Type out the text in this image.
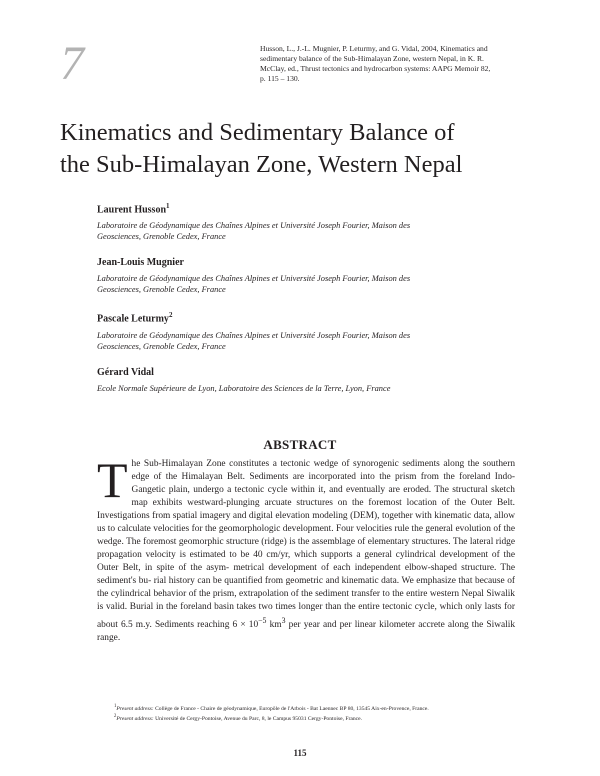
7	Husson, L., J.-L. Mugnier, P. Leturmy, and G. Vidal, 2004, Kinematics and
sedimentary balance of the Sub-Himalayan Zone, western Nepal, in K. R.
McClay, ed., Thrust tectonics and hydrocarbon systems: AAPG Memoir 82,
p. 115 – 130.
Kinematics and Sedimentary Balance of
the Sub-Himalayan Zone, Western Nepal
Laurent Husson$^1$
Laboratoire de Géodynamique des Chaînes Alpines et Université Joseph Fourier, Maison des
Geosciences, Grenoble Cedex, France
Jean-Louis Mugnier
Laboratoire de Géodynamique des Chaînes Alpines et Université Joseph Fourier, Maison des
Geosciences, Grenoble Cedex, France
Pascale Leturmy$^2$
Laboratoire de Géodynamique des Chaînes Alpines et Université Joseph Fourier, Maison des
Geosciences, Grenoble Cedex, France
Gérard Vidal
Ecole Normale Supérieure de Lyon, Laboratoire des Sciences de la Terre, Lyon, France
ABSTRACT
T he Sub-Himalayan Zone constitutes a tectonic wedge of synorogenic sediments along the southern edge of the Himalayan Belt. Sediments are incorporated into the prism from the foreland Indo-Gangetic plain, undergo a tectonic cycle within it, and eventually are eroded. The structural sketch map exhibits westward-plunging arcuate structures on the foremost location of the Outer Belt. Investigations from spatial imagery and digital elevation modeling (DEM), together with kinematic data, allow us to calculate velocities for the geomorphologic development. Four velocities rule the general evolution of the wedge. The foremost geomorphic structure (ridge) is the assemblage of elementary structures. The lateral ridge propagation velocity is estimated to be 40 cm/yr, which supports a general cylindrical development of the Outer Belt, in spite of the asym- metrical development of each independent elbow-shaped structure. The sediment's bu- rial history can be quantified from geometric and kinematic data. We emphasize that because of the cylindrical behavior of the prism, extrapolation of the sediment transfer to the entire western Nepal Siwalik is valid. Burial in the foreland basin takes two times longer than the entire tectonic cycle, which only lasts for about 6.5 m.y. Sediments reaching $6 \times 10^{-5}$ $km^3$ per year and per linear kilometer accrete along the Siwalik range.
$^1$Present address: Collège de France - Chaire de géodynamique, Europôle de l'Arbois - Bat Laennec BP 80, 13545 Aix-en-Provence, France.
$^2$Present address: Université de Cergy-Pontoise, Avenue du Parc, 8, le Campus 95031 Cergy-Pontoise, France.
115
